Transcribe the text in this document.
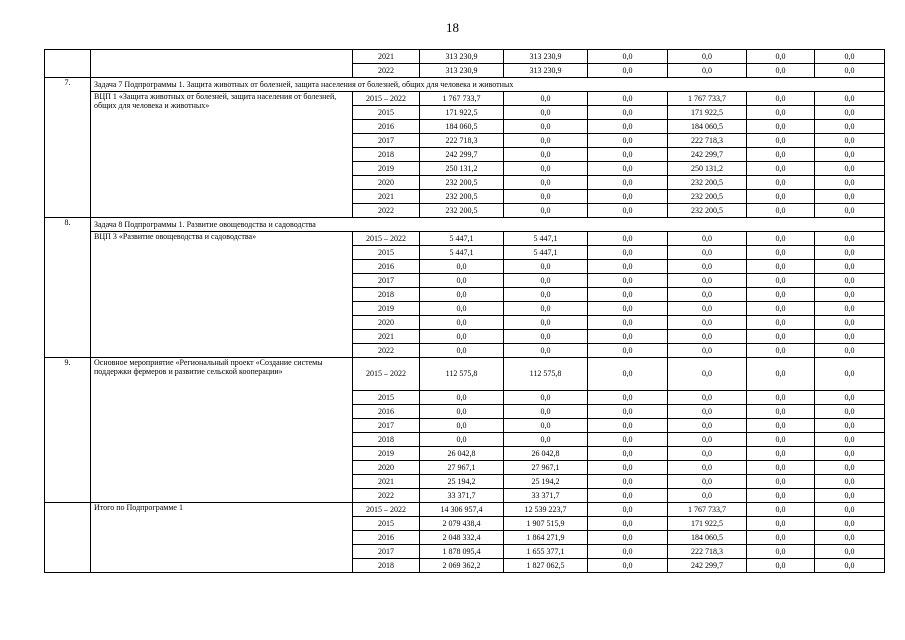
18
		2021	313 230,9	313 230,9	0,0	0,0	0,0	0,0
		2022	313 230,9	313 230,9	0,0	0,0	0,0	0,0
7.	Задача 7 Подпрограммы 1. Защита животных от болезней, защита населения от болезней, общих для человека и животных							
	ВЦП 1 «Защита животных от болезней, защита населения от болезней, общих для человека и животных»	2015 – 2022	1 767 733,7	0,0	0,0	1 767 733,7	0,0	0,0
		2015	171 922,5	0,0	0,0	171 922,5	0,0	0,0
		2016	184 060,5	0,0	0,0	184 060,5	0,0	0,0
		2017	222 718,3	0,0	0,0	222 718,3	0,0	0,0
		2018	242 299,7	0,0	0,0	242 299,7	0,0	0,0
		2019	250 131,2	0,0	0,0	250 131,2	0,0	0,0
		2020	232 200,5	0,0	0,0	232 200,5	0,0	0,0
		2021	232 200,5	0,0	0,0	232 200,5	0,0	0,0
		2022	232 200,5	0,0	0,0	232 200,5	0,0	0,0
8.	Задача 8 Подпрограммы 1. Развитие овощеводства и садоводства							
	ВЦП 3 «Развитие овощеводства и садоводства»	2015 – 2022	5 447,1	5 447,1	0,0	0,0	0,0	0,0
		2015	5 447,1	5 447,1	0,0	0,0	0,0	0,0
		2016	0,0	0,0	0,0	0,0	0,0	0,0
		2017	0,0	0,0	0,0	0,0	0,0	0,0
		2018	0,0	0,0	0,0	0,0	0,0	0,0
		2019	0,0	0,0	0,0	0,0	0,0	0,0
		2020	0,0	0,0	0,0	0,0	0,0	0,0
		2021	0,0	0,0	0,0	0,0	0,0	0,0
		2022	0,0	0,0	0,0	0,0	0,0	0,0
9.	Основное мероприятие «Региональный проект «Создание системы поддержки фермеров и развитие сельской кооперации»	2015 – 2022	112 575,8	112 575,8	0,0	0,0	0,0	0,0
		2015	0,0	0,0	0,0	0,0	0,0	0,0
		2016	0,0	0,0	0,0	0,0	0,0	0,0
		2017	0,0	0,0	0,0	0,0	0,0	0,0
		2018	0,0	0,0	0,0	0,0	0,0	0,0
		2019	26 042,8	26 042,8	0,0	0,0	0,0	0,0
		2020	27 967,1	27 967,1	0,0	0,0	0,0	0,0
		2021	25 194,2	25 194,2	0,0	0,0	0,0	0,0
		2022	33 371,7	33 371,7	0,0	0,0	0,0	0,0
	Итого по Подпрограмме 1	2015 – 2022	14 306 957,4	12 539 223,7	0,0	1 767 733,7	0,0	0,0
		2015	2 079 438,4	1 907 515,9	0,0	171 922,5	0,0	0,0
		2016	2 048 332,4	1 864 271,9	0,0	184 060,5	0,0	0,0
		2017	1 878 095,4	1 655 377,1	0,0	222 718,3	0,0	0,0
		2018	2 069 362,2	1 827 062,5	0,0	242 299,7	0,0	0,0
